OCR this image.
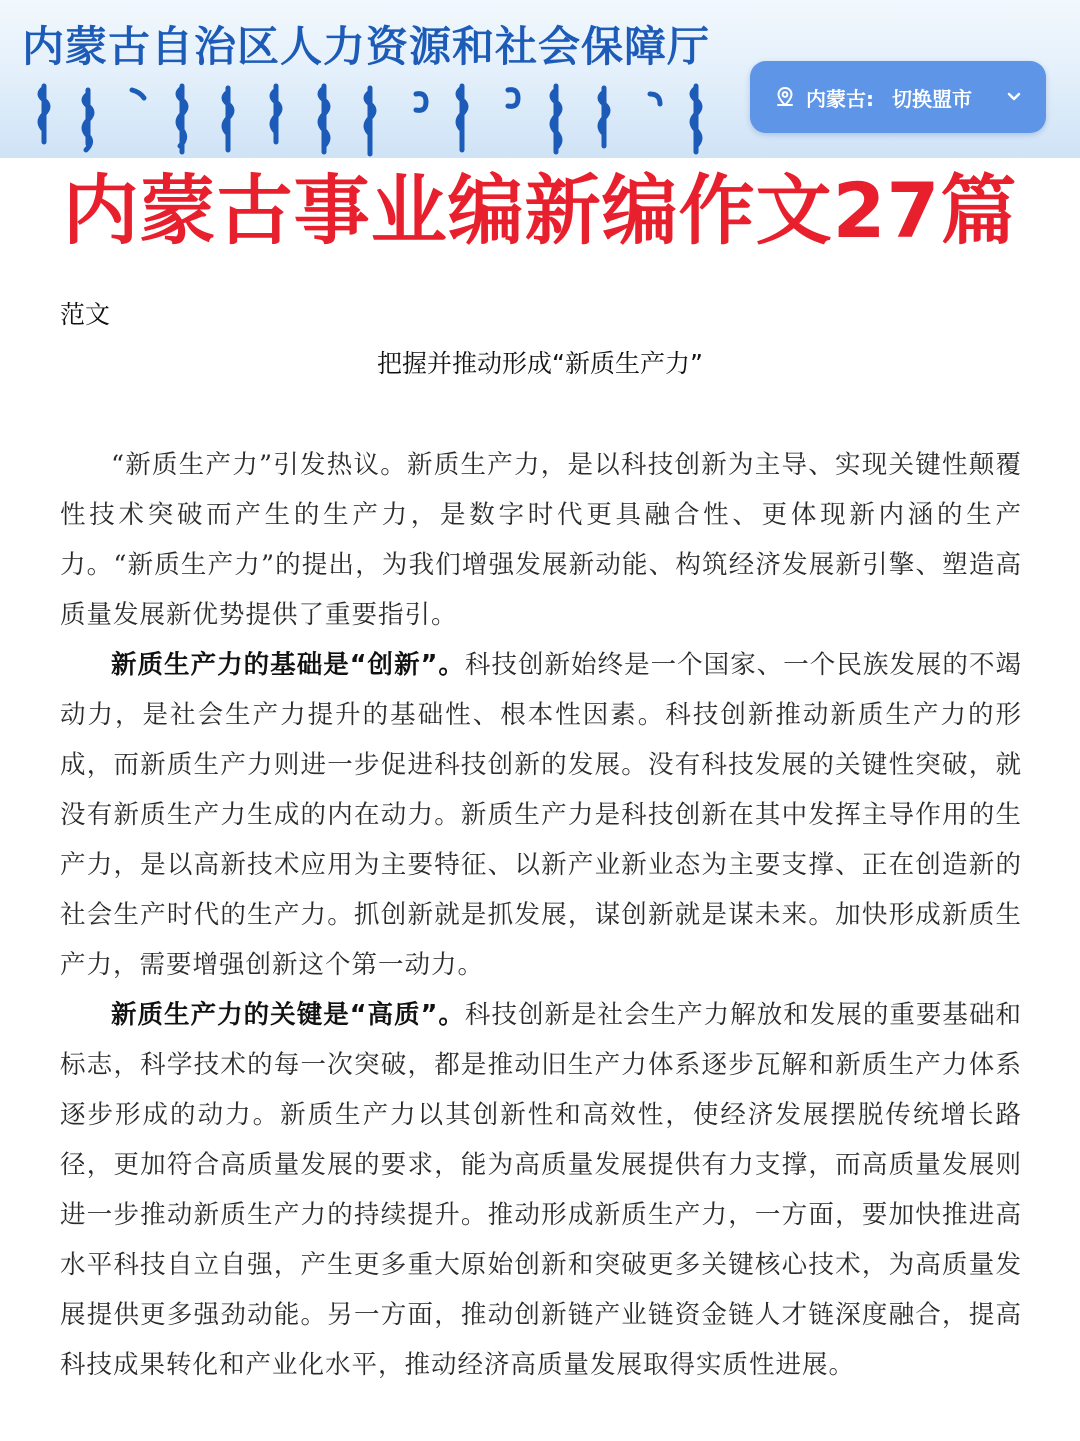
内蒙古自治区人力资源和社会保障厅
内蒙古: 切换盟市
内蒙古事业编新编作文27篇
范文
把握并推动形成“新质生产力”

“新质生产力”引发热议。新质生产力，是以科技创新为主导、实现关键性颠覆性技术突破而产生的生产力，是数字时代更具融合性、更体现新内涵的生产力。“新质生产力”的提出，为我们增强发展新动能、构筑经济发展新引擎、塑造高质量发展新优势提供了重要指引。

新质生产力的基础是“创新”。科技创新始终是一个国家、一个民族发展的不竭动力，是社会生产力提升的基础性、根本性因素。科技创新推动新质生产力的形成，而新质生产力则进一步促进科技创新的发展。没有科技发展的关键性突破，就没有新质生产力生成的内在动力。新质生产力是科技创新在其中发挥主导作用的生产力，是以高新技术应用为主要特征、以新产业新业态为主要支撑、正在创造新的社会生产时代的生产力。抓创新就是抓发展，谋创新就是谋未来。加快形成新质生产力，需要增强创新这个第一动力。

新质生产力的关键是“高质”。科技创新是社会生产力解放和发展的重要基础和标志，科学技术的每一次突破，都是推动旧生产力体系逐步瓦解和新质生产力体系逐步形成的动力。新质生产力以其创新性和高效性，使经济发展摆脱传统增长路径，更加符合高质量发展的要求，能为高质量发展提供有力支撑，而高质量发展则进一步推动新质生产力的持续提升。推动形成新质生产力，一方面，要加快推进高水平科技自立自强，产生更多重大原始创新和突破更多关键核心技术，为高质量发展提供更多强劲动能。另一方面，推动创新链产业链资金链人才链深度融合，提高科技成果转化和产业化水平，推动经济高质量发展取得实质性进展。
